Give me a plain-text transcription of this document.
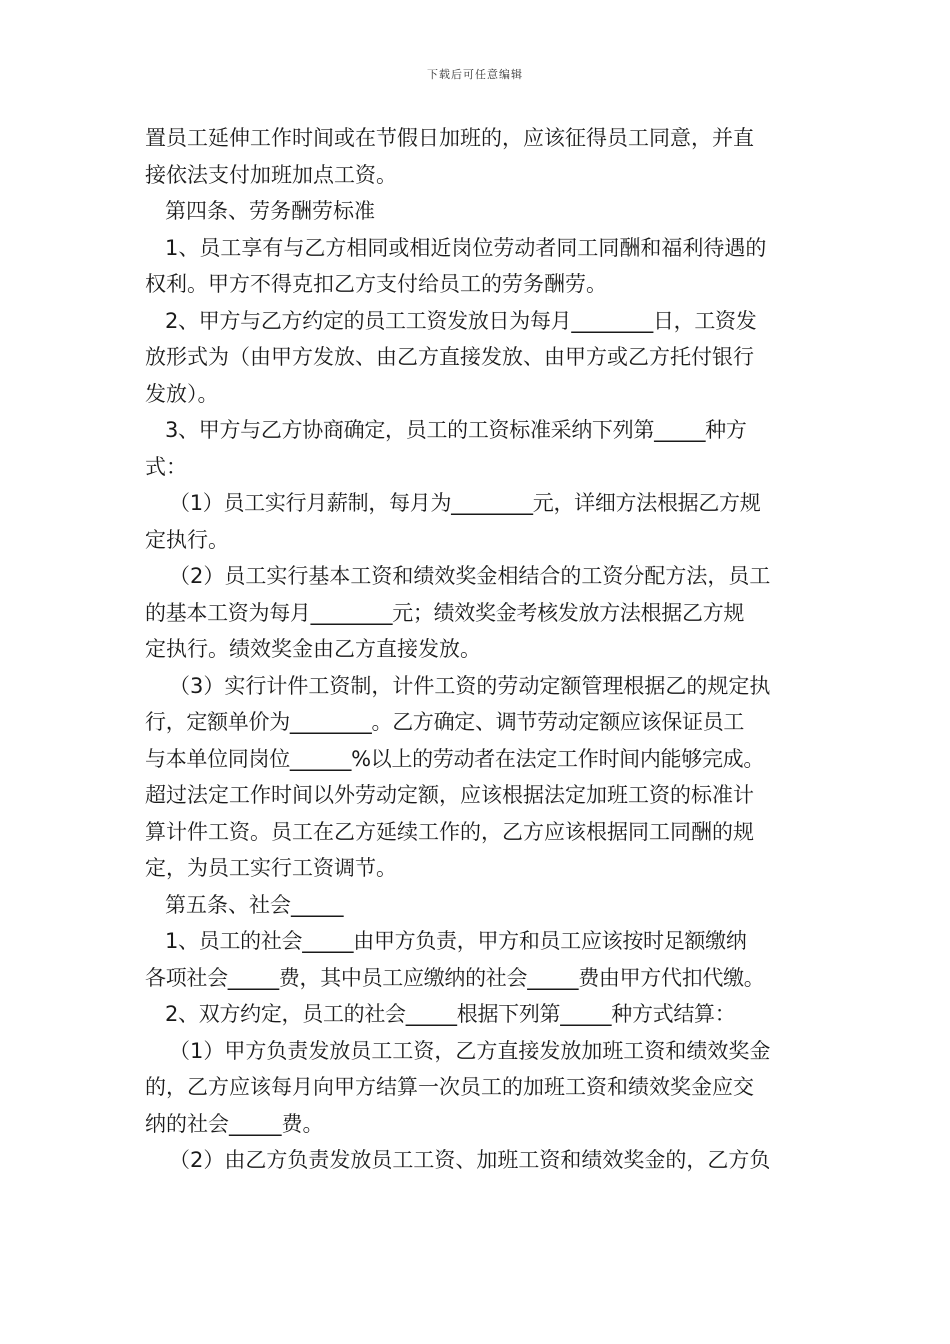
下载后可任意编辑
置员工延伸工作时间或在节假日加班的，应该征得员工同意，并直
接依法支付加班加点工资。
第四条、劳务酬劳标准
1、员工享有与乙方相同或相近岗位劳动者同工同酬和福利待遇的
权利。甲方不得克扣乙方支付给员工的劳务酬劳。
2、甲方与乙方约定的员工工资发放日为每月________日，工资发
放形式为（由甲方发放、由乙方直接发放、由甲方或乙方托付银行
发放）。
3、甲方与乙方协商确定，员工的工资标准采纳下列第_____种方
式：
（1）员工实行月薪制，每月为________元，详细方法根据乙方规
定执行。
（2）员工实行基本工资和绩效奖金相结合的工资分配方法，员工
的基本工资为每月________元；绩效奖金考核发放方法根据乙方规
定执行。绩效奖金由乙方直接发放。
（3）实行计件工资制，计件工资的劳动定额管理根据乙的规定执
行，定额单价为________。乙方确定、调节劳动定额应该保证员工
与本单位同岗位______%以上的劳动者在法定工作时间内能够完成。
超过法定工作时间以外劳动定额，应该根据法定加班工资的标准计
算计件工资。员工在乙方延续工作的，乙方应该根据同工同酬的规
定，为员工实行工资调节。
第五条、社会_____
1、员工的社会_____由甲方负责，甲方和员工应该按时足额缴纳
各项社会_____费，其中员工应缴纳的社会_____费由甲方代扣代缴。
2、双方约定，员工的社会_____根据下列第_____种方式结算：
（1）甲方负责发放员工工资，乙方直接发放加班工资和绩效奖金
的，乙方应该每月向甲方结算一次员工的加班工资和绩效奖金应交
纳的社会_____费。
（2）由乙方负责发放员工工资、加班工资和绩效奖金的，乙方负
